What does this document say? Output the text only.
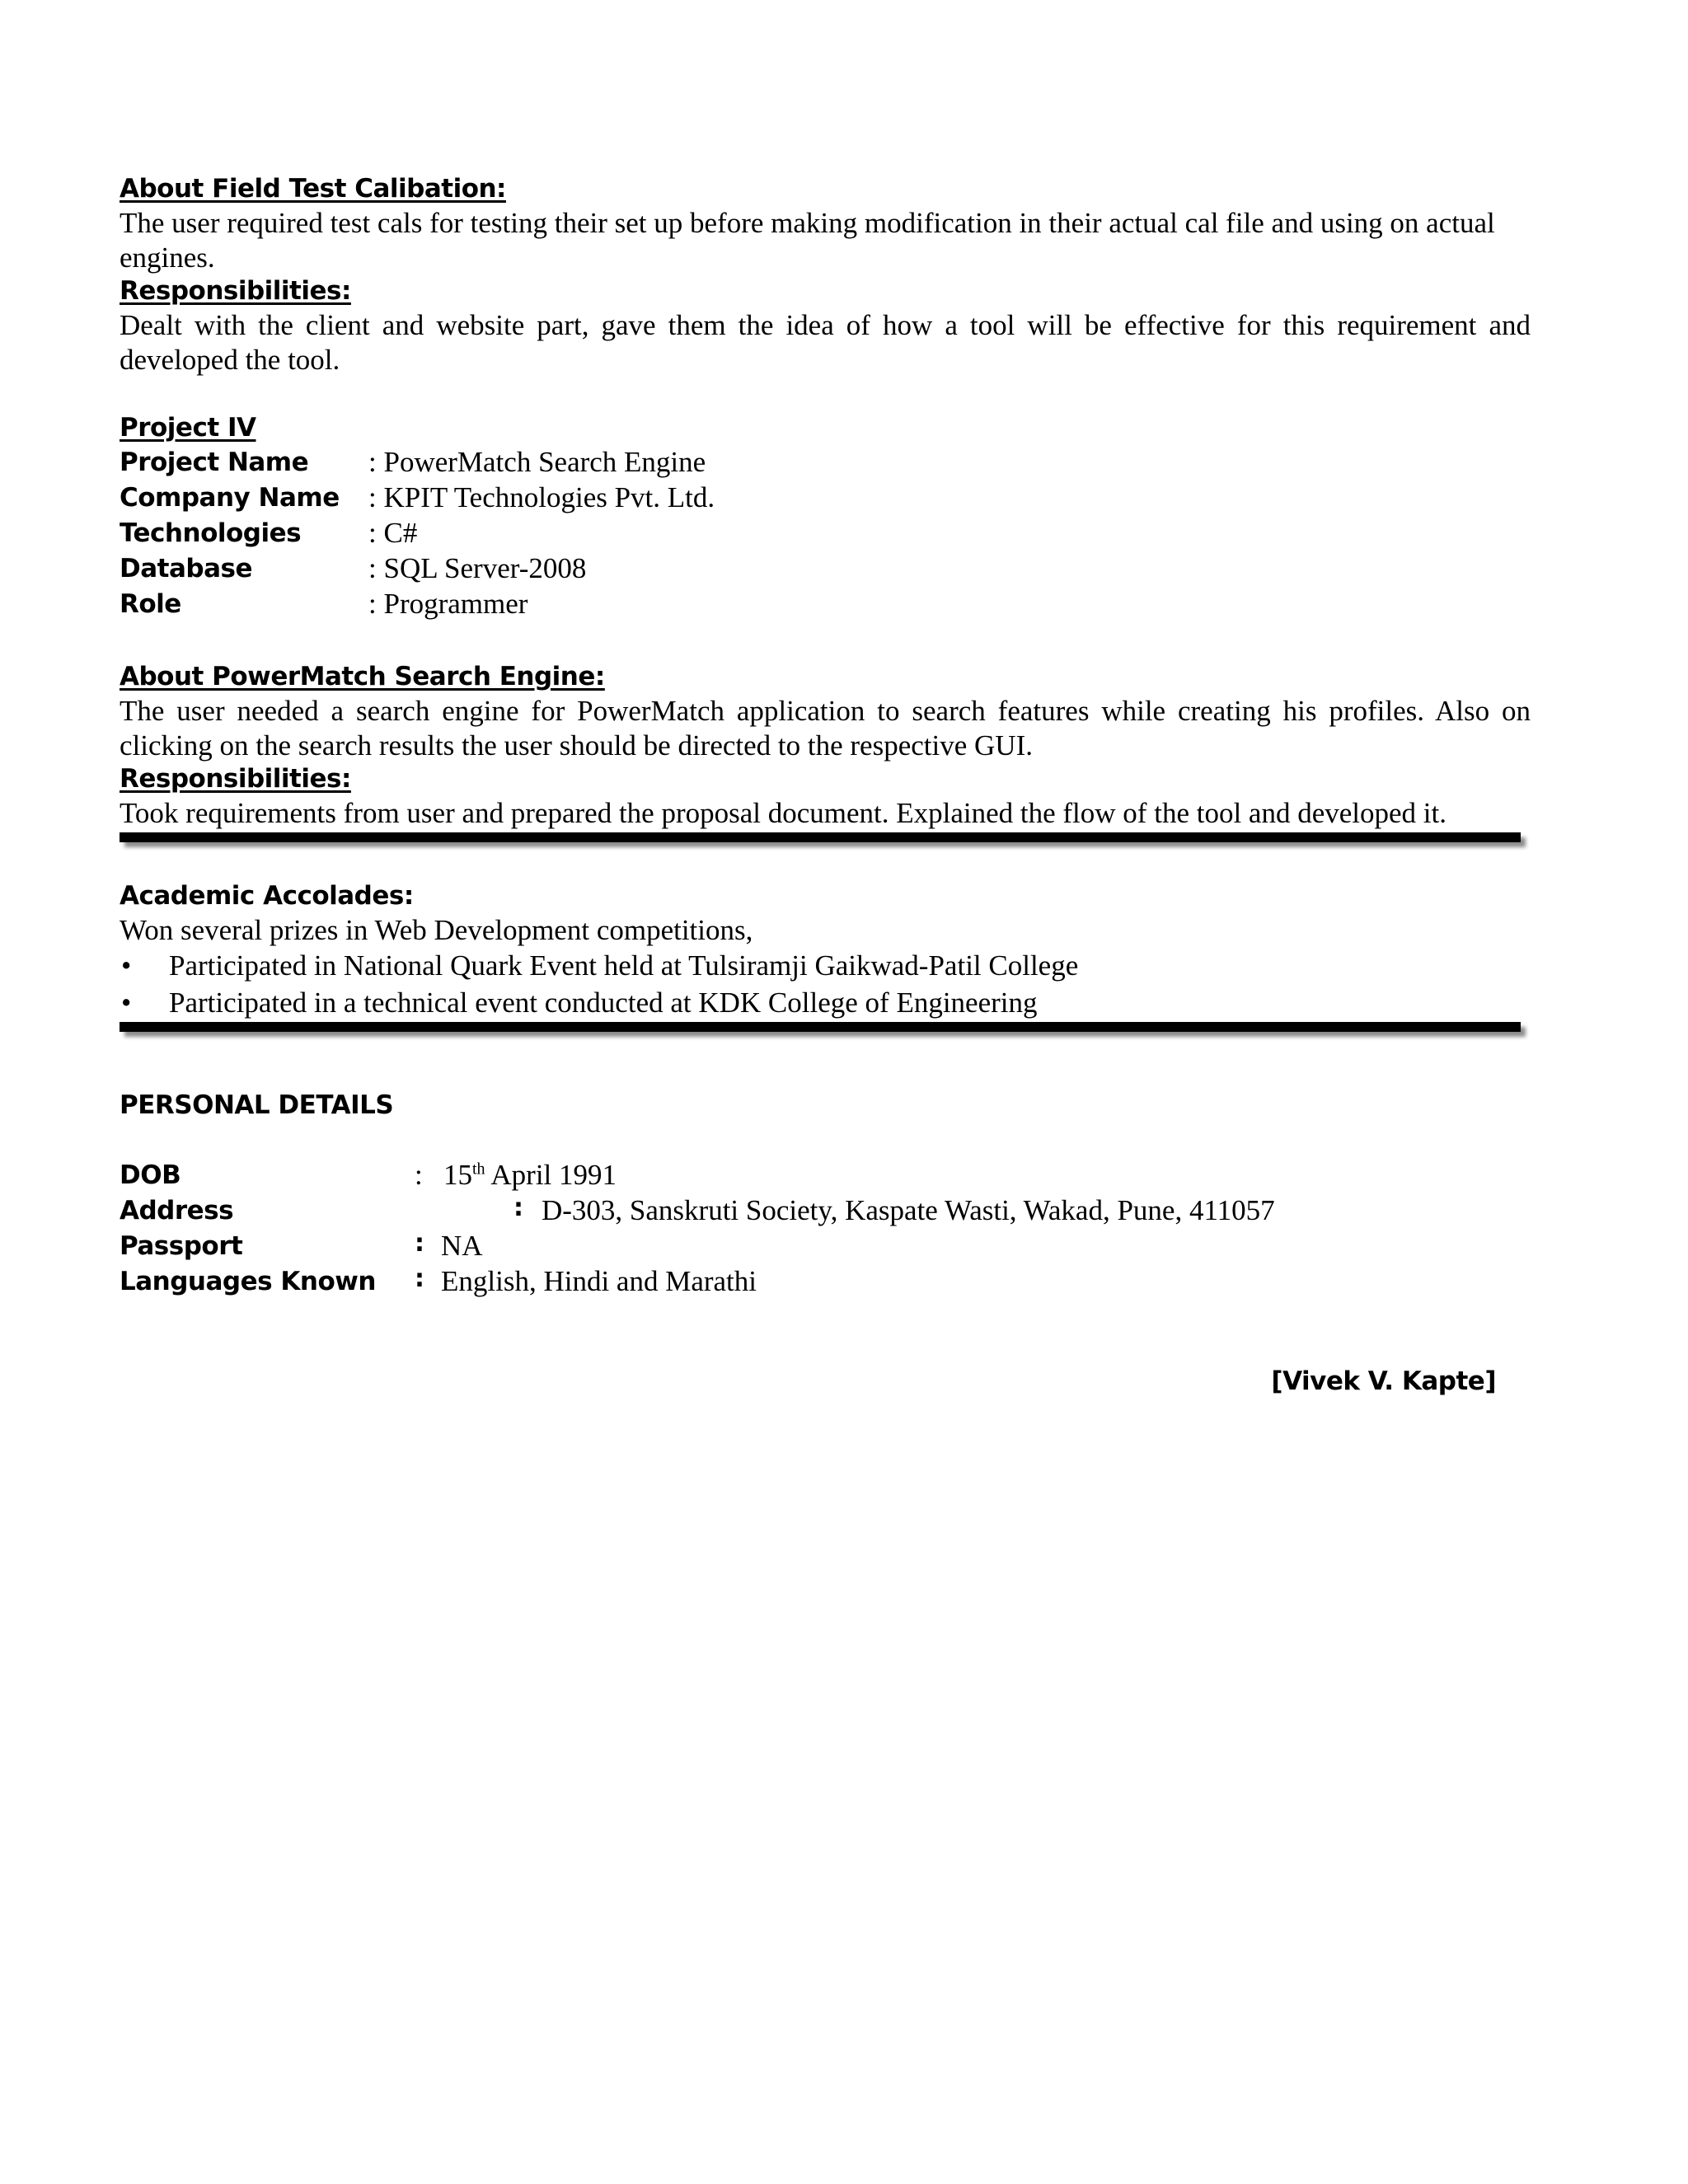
About Field Test Calibation:

The user required test cals for testing their set up before making modification in their actual cal file and using on actual engines.

Responsibilities:

Dealt with the client and website part, gave them the idea of how a tool will be effective for this requirement and developed the tool.

Project IV
Project Name : PowerMatch Search Engine
Company Name : KPIT Technologies Pvt. Ltd.
Technologies : C#
Database	: SQL Server-2008
Role	: Programmer
About PowerMatch Search Engine:

The user needed a search engine for PowerMatch application to search features while creating his profiles. Also on clicking on the search results the user should be directed to the respective GUI.

Responsibilities:

Took requirements from user and prepared the proposal document. Explained the flow of the tool and developed it.

Academic Accolades:

Won several prizes in Web Development competitions,

• Participated in National Quark Event held at Tulsiramji Gaikwad-Patil College
• Participated in a technical event conducted at KDK College of Engineering
PERSONAL DETAILS
DOB	: 15th April 1991
Address	: D-303, Sanskruti Society, Kaspate Wasti, Wakad, Pune, 411057
Passport	: NA
Languages Known : English, Hindi and Marathi
[Vivek V. Kapte]
